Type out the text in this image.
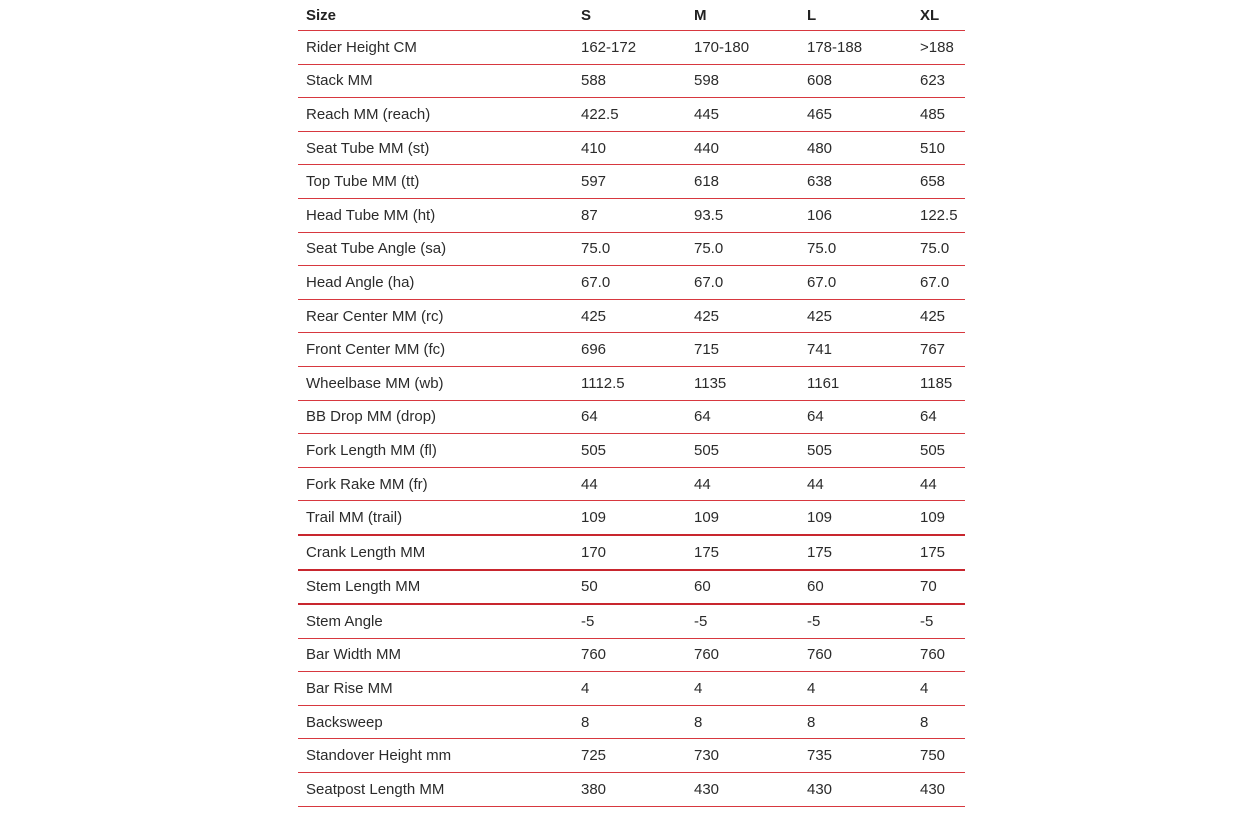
Size	S	M	L	XL
Rider Height CM	162-172	170-180	178-188	>188
Stack MM	588	598	608	623
Reach MM (reach)	422.5	445	465	485
Seat Tube MM (st)	410	440	480	510
Top Tube MM (tt)	597	618	638	658
Head Tube MM (ht)	87	93.5	106	122.5
Seat Tube Angle (sa)	75.0	75.0	75.0	75.0
Head Angle (ha)	67.0	67.0	67.0	67.0
Rear Center MM (rc)	425	425	425	425
Front Center MM (fc)	696	715	741	767
Wheelbase MM (wb)	1112.5	1135	1161	1185
BB Drop MM (drop)	64	64	64	64
Fork Length MM (fl)	505	505	505	505
Fork Rake MM (fr)	44	44	44	44
Trail MM (trail)	109	109	109	109
Crank Length MM	170	175	175	175
Stem Length MM	50	60	60	70
Stem Angle	-5	-5	-5	-5
Bar Width MM	760	760	760	760
Bar Rise MM	4	4	4	4
Backsweep	8	8	8	8
Standover Height mm	725	730	735	750
Seatpost Length MM	380	430	430	430
